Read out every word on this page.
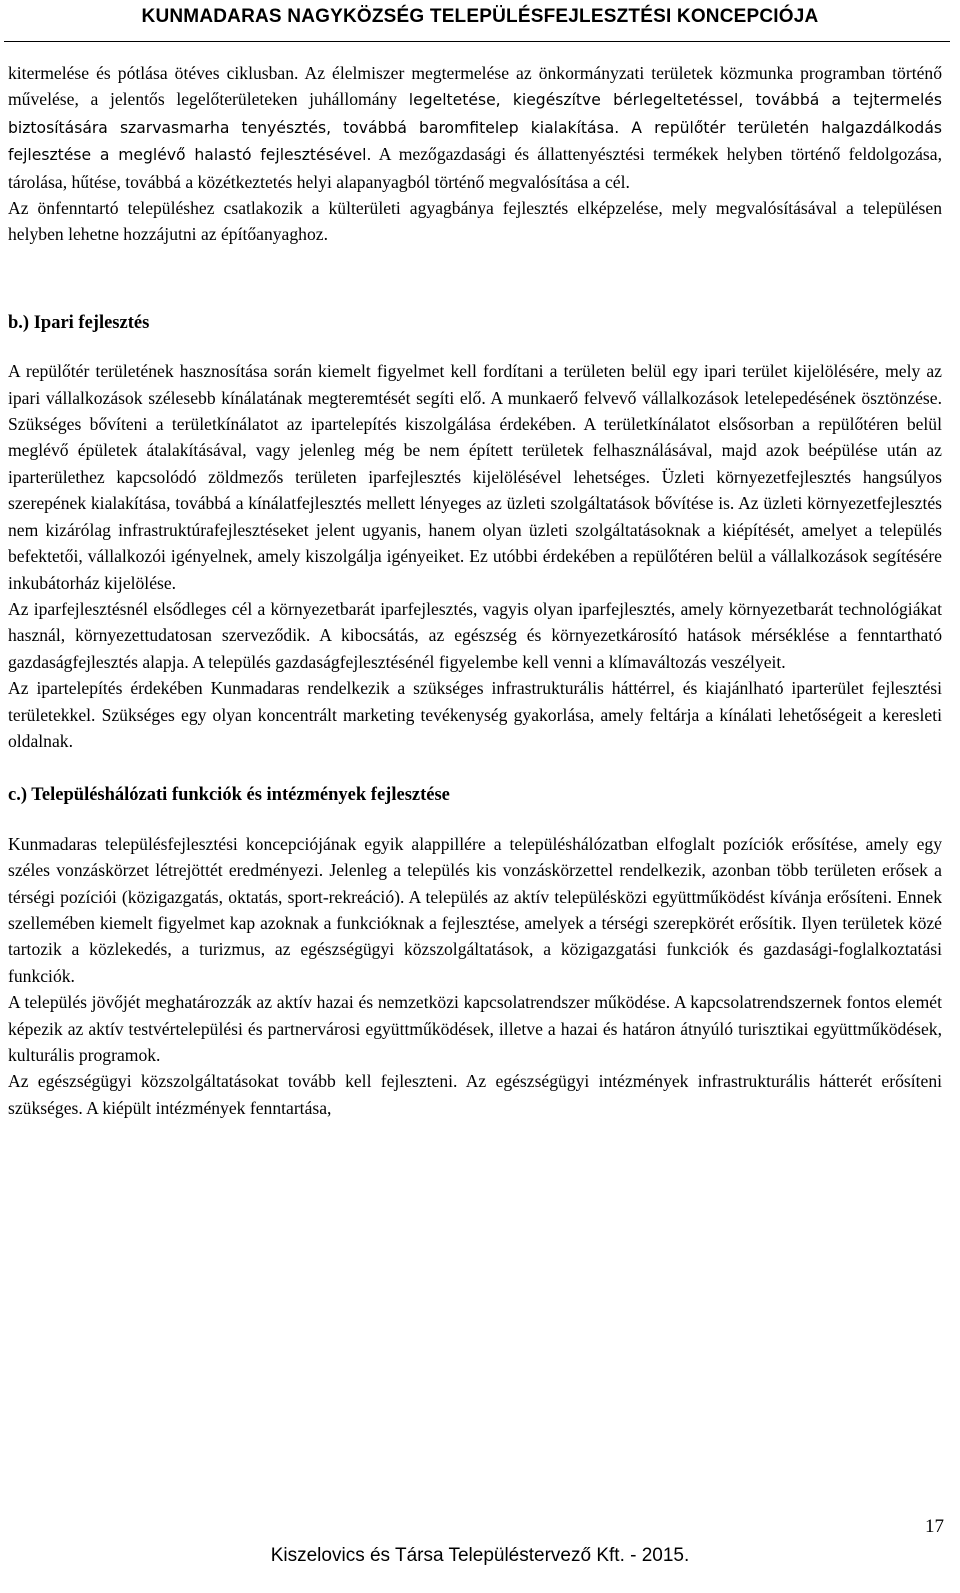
KUNMADARAS NAGYKÖZSÉG TELEPÜLÉSFEJLESZTÉSI KONCEPCIÓJA

kitermelése és pótlása ötéves ciklusban. Az élelmiszer megtermelése az önkormányzati területek közmunka programban történő művelése, a jelentős legelőterületeken juhállomány legeltetése, kiegészítve bérlegeltetéssel, továbbá a tejtermelés biztosítására szarvasmarha tenyésztés, továbbá baromfitelep kialakítása. A repülőtér területén halgazdálkodás fejlesztése a meglévő halastó fejlesztésével. A mezőgazdasági és állattenyésztési termékek helyben történő feldolgozása, tárolása, hűtése, továbbá a közétkeztetés helyi alapanyagból történő megvalósítása a cél.

Az önfenntartó településhez csatlakozik a külterületi agyagbánya fejlesztés elképzelése, mely megvalósításával a településen helyben lehetne hozzájutni az építőanyaghoz.

b.) Ipari fejlesztés

A repülőtér területének hasznosítása során kiemelt figyelmet kell fordítani a területen belül egy ipari terület kijelölésére, mely az ipari vállalkozások szélesebb kínálatának megteremtését segíti elő. A munkaerő felvevő vállalkozások letelepedésének ösztönzése. Szükséges bővíteni a területkínálatot az ipartelepítés kiszolgálása érdekében. A területkínálatot elsősorban a repülőtéren belül meglévő épületek átalakításával, vagy jelenleg még be nem épített területek felhasználásával, majd azok beépülése után az iparterülethez kapcsolódó zöldmezős területen iparfejlesztés kijelölésével lehetséges. Üzleti környezetfejlesztés hangsúlyos szerepének kialakítása, továbbá a kínálatfejlesztés mellett lényeges az üzleti szolgáltatások bővítése is. Az üzleti környezetfejlesztés nem kizárólag infrastruktúrafejlesztéseket jelent ugyanis, hanem olyan üzleti szolgáltatásoknak a kiépítését, amelyet a település befektetői, vállalkozói igényelnek, amely kiszolgálja igényeiket. Ez utóbbi érdekében a repülőtéren belül a vállalkozások segítésére inkubátorház kijelölése.

Az iparfejlesztésnél elsődleges cél a környezetbarát iparfejlesztés, vagyis olyan iparfejlesztés, amely környezetbarát technológiákat használ, környezettudatosan szerveződik. A kibocsátás, az egészség és környezetkárosító hatások mérséklése a fenntartható gazdaságfejlesztés alapja. A település gazdaságfejlesztésénél figyelembe kell venni a klímaváltozás veszélyeit.

Az ipartelepítés érdekében Kunmadaras rendelkezik a szükséges infrastrukturális háttérrel, és kiajánlható iparterület fejlesztési területekkel. Szükséges egy olyan koncentrált marketing tevékenység gyakorlása, amely feltárja a kínálati lehetőségeit a keresleti oldalnak.

c.) Településhálózati funkciók és intézmények fejlesztése

Kunmadaras településfejlesztési koncepciójának egyik alappillére a településhálózatban elfoglalt pozíciók erősítése, amely egy széles vonzáskörzet létrejöttét eredményezi. Jelenleg a település kis vonzáskörzettel rendelkezik, azonban több területen erősek a térségi pozíciói (közigazgatás, oktatás, sport-rekreáció). A település az aktív településközi együttműködést kívánja erősíteni. Ennek szellemében kiemelt figyelmet kap azoknak a funkcióknak a fejlesztése, amelyek a térségi szerepkörét erősítik. Ilyen területek közé tartozik a közlekedés, a turizmus, az egészségügyi közszolgáltatások, a közigazgatási funkciók és gazdasági-foglalkoztatási funkciók.

A település jövőjét meghatározzák az aktív hazai és nemzetközi kapcsolatrendszer működése. A kapcsolatrendszernek fontos elemét képezik az aktív testvértelepülési és partnervárosi együttműködések, illetve a hazai és határon átnyúló turisztikai együttműködések, kulturális programok.

Az egészségügyi közszolgáltatásokat tovább kell fejleszteni. Az egészségügyi intézmények infrastrukturális hátterét erősíteni szükséges. A kiépült intézmények fenntartása,

17
Kiszelovics és Társa Településtervező Kft. - 2015.
